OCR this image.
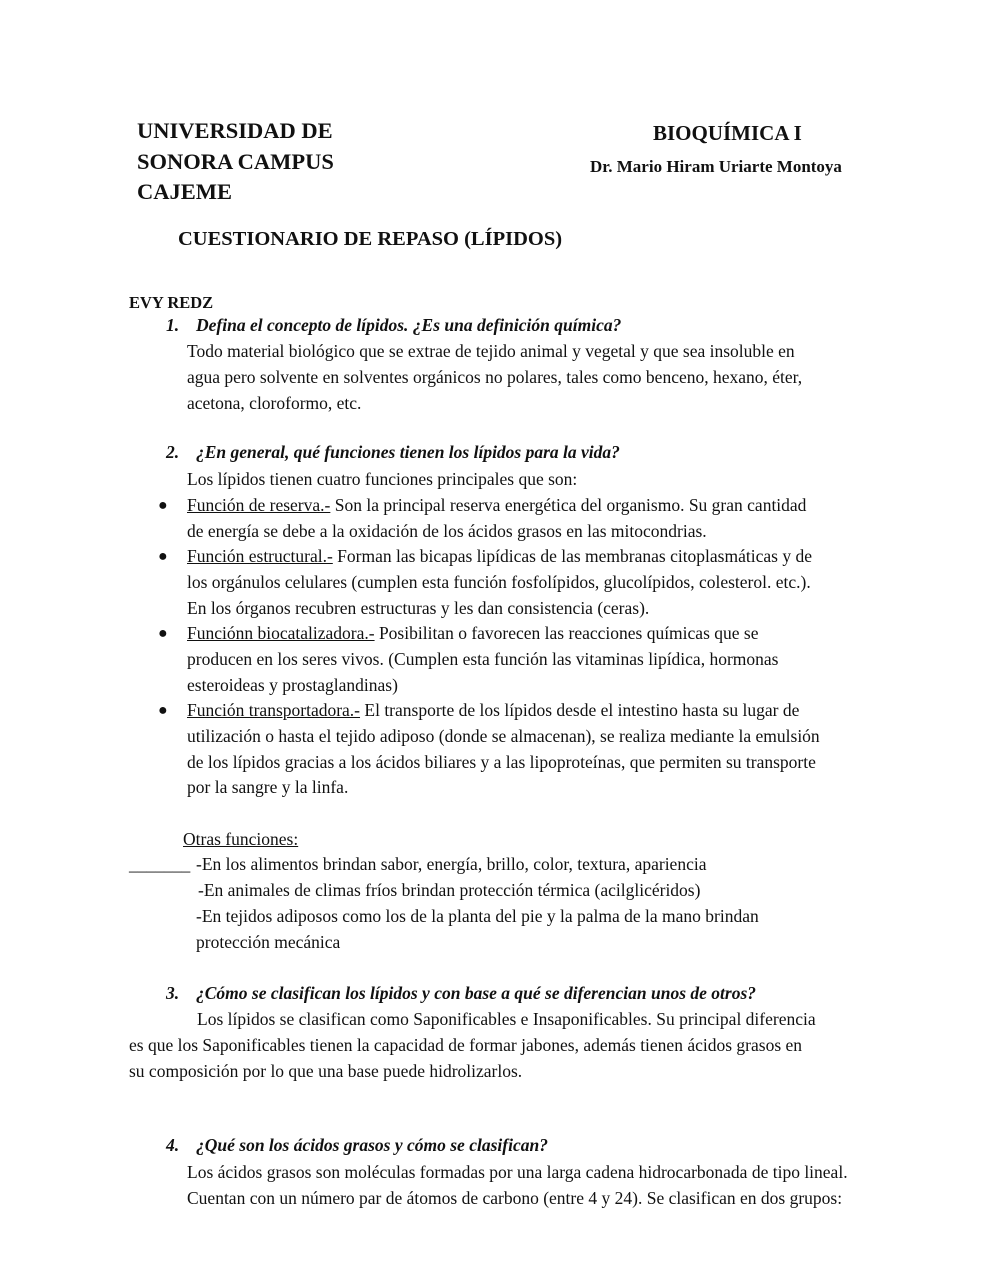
UNIVERSIDAD DE
SONORA CAMPUS
CAJEME
BIOQUÍMICA I
Dr. Mario Hiram Uriarte Montoya
CUESTIONARIO DE REPASO (LÍPIDOS)
EVY REDZ
1. Defina el concepto de lípidos. ¿Es una definición química?
Todo material biológico que se extrae de tejido animal y vegetal y que sea insoluble en
agua pero solvente en solventes orgánicos no polares, tales como benceno, hexano, éter,
acetona, cloroformo, etc.
2. ¿En general, qué funciones tienen los lípidos para la vida?
Los lípidos tienen cuatro funciones principales que son:
● Función de reserva.- Son la principal reserva energética del organismo. Su gran cantidad
de energía se debe a la oxidación de los ácidos grasos en las mitocondrias.
● Función estructural.- Forman las bicapas lipídicas de las membranas citoplasmáticas y de
los orgánulos celulares (cumplen esta función fosfolípidos, glucolípidos, colesterol. etc.).
En los órganos recubren estructuras y les dan consistencia (ceras).
● Funciónn biocatalizadora.- Posibilitan o favorecen las reacciones químicas que se
producen en los seres vivos. (Cumplen esta función las vitaminas lipídica, hormonas
esteroideas y prostaglandinas)
● Función transportadora.- El transporte de los lípidos desde el intestino hasta su lugar de
utilización o hasta el tejido adiposo (donde se almacenan), se realiza mediante la emulsión
de los lípidos gracias a los ácidos biliares y a las lipoproteínas, que permiten su transporte
por la sangre y la linfa.
Otras funciones:
_______ -En los alimentos brindan sabor, energía, brillo, color, textura, apariencia
-En animales de climas fríos brindan protección térmica (acilglicéridos)
-En tejidos adiposos como los de la planta del pie y la palma de la mano brindan
protección mecánica
3. ¿Cómo se clasifican los lípidos y con base a qué se diferencian unos de otros?
Los lípidos se clasifican como Saponificables e Insaponificables. Su principal diferencia
es que los Saponificables tienen la capacidad de formar jabones, además tienen ácidos grasos en
su composición por lo que una base puede hidrolizarlos.
4. ¿Qué son los ácidos grasos y cómo se clasifican?
Los ácidos grasos son moléculas formadas por una larga cadena hidrocarbonada de tipo lineal.
Cuentan con un número par de átomos de carbono (entre 4 y 24). Se clasifican en dos grupos:
